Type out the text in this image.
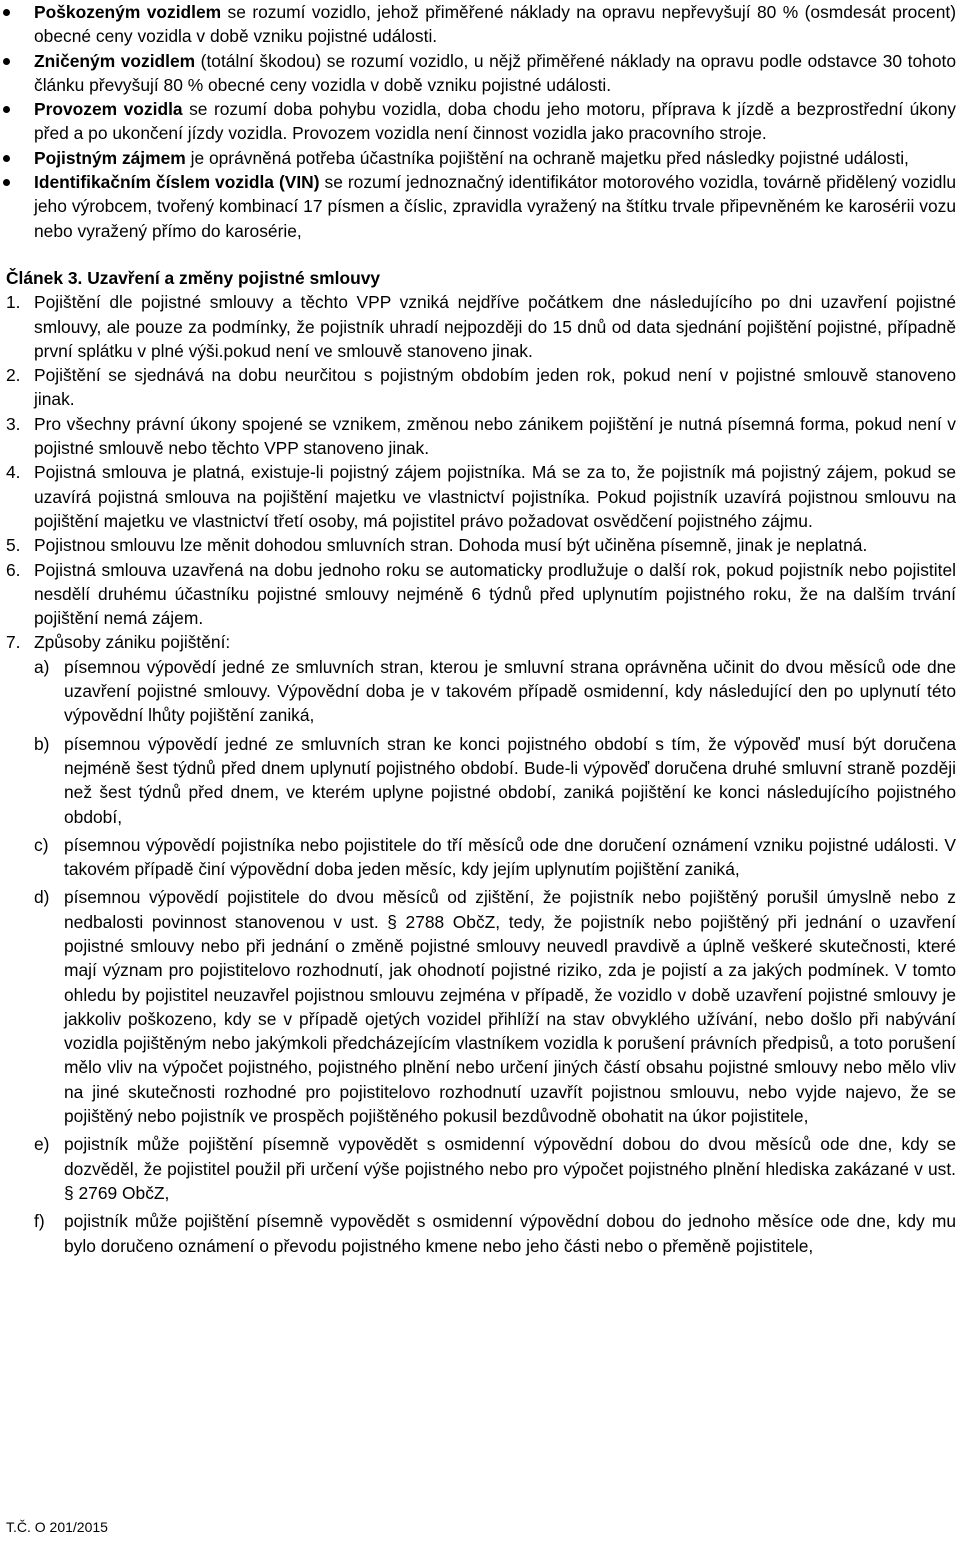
Poškozeným vozidlem se rozumí vozidlo, jehož přiměřené náklady na opravu nepřevyšují 80 % (osmdesát procent) obecné ceny vozidla v době vzniku pojistné události.
Zničeným vozidlem (totální škodou) se rozumí vozidlo, u nějž přiměřené náklady na opravu podle odstavce 30 tohoto článku převyšují 80 % obecné ceny vozidla v době vzniku pojistné události.
Provozem vozidla se rozumí doba pohybu vozidla, doba chodu jeho motoru, příprava k jízdě a bezprostřední úkony před a po ukončení jízdy vozidla. Provozem vozidla není činnost vozidla jako pracovního stroje.
Pojistným zájmem je oprávněná potřeba účastníka pojištění na ochraně majetku před následky pojistné události,
Identifikačním číslem vozidla (VIN) se rozumí jednoznačný identifikátor motorového vozidla, továrně přidělený vozidlu jeho výrobcem, tvořený kombinací 17 písmen a číslic, zpravidla vyražený na štítku trvale připevněném ke karosérii vozu nebo vyražený přímo do karosérie,
Článek 3. Uzavření a změny pojistné smlouvy
1. Pojištění dle pojistné smlouvy a těchto VPP vzniká nejdříve počátkem dne následujícího po dni uzavření pojistné smlouvy, ale pouze za podmínky, že pojistník uhradí nejpozději do 15 dnů od data sjednání pojištění pojistné, případně první splátku v plné výši.pokud není ve smlouvě stanoveno jinak.
2. Pojištění se sjednává na dobu neurčitou s pojistným obdobím jeden rok, pokud není v pojistné smlouvě stanoveno jinak.
3. Pro všechny právní úkony spojené se vznikem, změnou nebo zánikem pojištění je nutná písemná forma, pokud není v pojistné smlouvě nebo těchto VPP stanoveno jinak.
4. Pojistná smlouva je platná, existuje-li pojistný zájem pojistníka. Má se za to, že pojistník má pojistný zájem, pokud se uzavírá pojistná smlouva na pojištění majetku ve vlastnictví pojistníka. Pokud pojistník uzavírá pojistnou smlouvu na pojištění majetku ve vlastnictví třetí osoby, má pojistitel právo požadovat osvědčení pojistného zájmu.
5. Pojistnou smlouvu lze měnit dohodou smluvních stran. Dohoda musí být učiněna písemně, jinak je neplatná.
6. Pojistná smlouva uzavřená na dobu jednoho roku se automaticky prodlužuje o další rok, pokud pojistník nebo pojistitel nesdělí druhému účastníku pojistné smlouvy nejméně 6 týdnů před uplynutím pojistného roku, že na dalším trvání pojištění nemá zájem.
7. Způsoby zániku pojištění:
a) písemnou výpovědí jedné ze smluvních stran, kterou je smluvní strana oprávněna učinit do dvou měsíců ode dne uzavření pojistné smlouvy. Výpovědní doba je v takovém případě osmidenní, kdy následující den po uplynutí této výpovědní lhůty pojištění zaniká,
b) písemnou výpovědí jedné ze smluvních stran ke konci pojistného období s tím, že výpověď musí být doručena nejméně šest týdnů před dnem uplynutí pojistného období. Bude-li výpověď doručena druhé smluvní straně později než šest týdnů před dnem, ve kterém uplyne pojistné období, zaniká pojištění ke konci následujícího pojistného období,
c) písemnou výpovědí pojistníka nebo pojistitele do tří měsíců ode dne doručení oznámení vzniku pojistné události. V takovém případě činí výpovědní doba jeden měsíc, kdy jejím uplynutím pojištění zaniká,
d) písemnou výpovědí pojistitele do dvou měsíců od zjištění, že pojistník nebo pojištěný porušil úmyslně nebo z nedbalosti povinnost stanovenou v ust. § 2788 ObčZ, tedy, že pojistník nebo pojištěný při jednání o uzavření pojistné smlouvy nebo při jednání o změně pojistné smlouvy neuvedl pravdivě a úplně veškeré skutečnosti, které mají význam pro pojistitelovo rozhodnutí, jak ohodnotí pojistné riziko, zda je pojistí a za jakých podmínek. V tomto ohledu by pojistitel neuzavřel pojistnou smlouvu zejména v případě, že vozidlo v době uzavření pojistné smlouvy je jakkoliv poškozeno, kdy se v případě ojetých vozidel přihlíží na stav obvyklého užívání, nebo došlo při nabývání vozidla pojištěným nebo jakýmkoli předcházejícím vlastníkem vozidla k porušení právních předpisů, a toto porušení mělo vliv na výpočet pojistného, pojistného plnění nebo určení jiných částí obsahu pojistné smlouvy nebo mělo vliv na jiné skutečnosti rozhodné pro pojistitelovo rozhodnutí uzavřít pojistnou smlouvu, nebo vyjde najevo, že se pojištěný nebo pojistník ve prospěch pojištěného pokusil bezdůvodně obohatit na úkor pojistitele,
e) pojistník může pojištění písemně vypovědět s osmidenní výpovědní dobou do dvou měsíců ode dne, kdy se dozvěděl, že pojistitel použil při určení výše pojistného nebo pro výpočet pojistného plnění hlediska zakázané v ust. § 2769 ObčZ,
f) pojistník může pojištění písemně vypovědět s osmidenní výpovědní dobou do jednoho měsíce ode dne, kdy mu bylo doručeno oznámení o převodu pojistného kmene nebo jeho části nebo o přeměně pojistitele,
T.Č. O 201/2015
